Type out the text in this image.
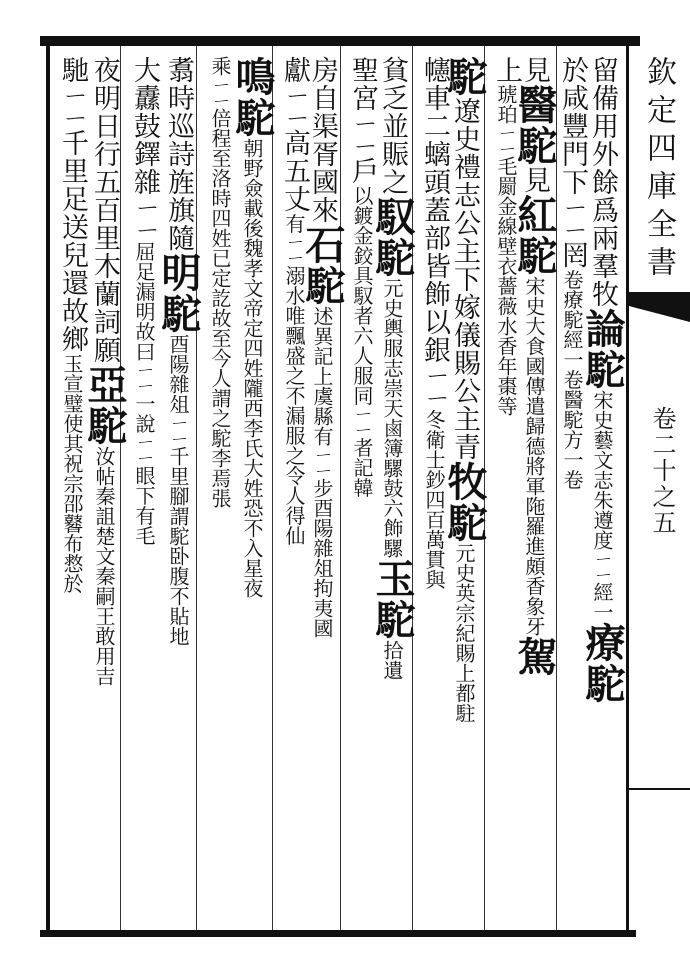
留備用外餘爲兩羣牧論駝宋史藝文志朱遵度ㄧㄧ經一療駝
於咸豐門下ㄧㄧ罔卷療駝經一卷醫駝方一卷
見醫駝見紅駝宋史大食國傳遣歸德將軍陁羅進頗香象牙駕
上琥珀ㄧㄧ毛罽金線壁衣薔薇水香年棗等
駝遼史禮志公主下嫁儀賜公主青牧駝元史英宗紀賜上都駐
幰車二螭頭蓋部皆飾以銀ㄧㄧ冬衛士鈔四百萬貫與
貧乏並賑之馭駝元史輿服志崇天鹵簿騾鼓六飾騾玉駝拾遺
聖宮ㄧㄧ戶以鍍金鉸具馭者六人服同ㄧㄧ者記韓
房自渠胥國來石駝述異記上虞縣有ㄧㄧ步酉陽雜俎拘夷國
獻ㄧㄧ高五丈有ㄧㄧ溺水唯飄盛之不漏服之令人得仙
鳴駝朝野僉載後魏孝文帝定四姓隴西李氏大姓恐不入星夜
乘ㄧㄧ倍程至洛時四姓已定訖故至今人謂之駝李焉張
翥時巡詩旌旗隨明駝酉陽雜俎ㄧㄧ千里腳謂駝卧腹不貼地
大纛鼓鐸雜ㄧㄧ屈足漏明故曰ㄧㄧ一說ㄧㄧ眼下有毛
夜明日行五百里木蘭詞願亞駝汝帖秦詛楚文秦嗣王敢用吉
馳ㄧㄧ千里足送兒還故鄉玉宣璧使其祝宗邵鼛布慦於
欽定四庫全書
卷二十之五
